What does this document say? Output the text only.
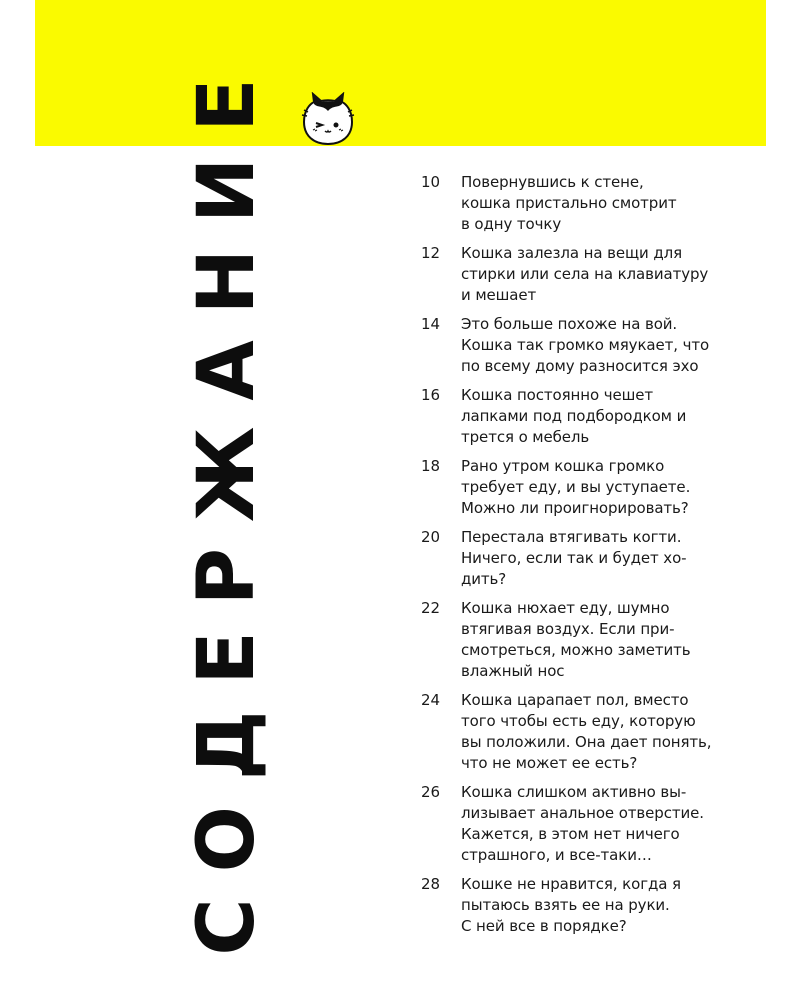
СОДЕРЖАНИЕ	10	Повернувшись к стене,
кошка пристально смотрит
в одну точку
12	Кошка залезла на вещи для
стирки или села на клавиатуру
и мешает
14	Это больше похоже на вой.
Кошка так громко мяукает, что
по всему дому разносится эхо
16	Кошка постоянно чешет
лапками под подбородком и
трется о мебель
18	Рано утром кошка громко
требует еду, и вы уступаете.
Можно ли проигнорировать?
20	Перестала втягивать когти.
Ничего, если так и будет хо-
дить?
22	Кошка нюхает еду, шумно
втягивая воздух. Если при-
смотреться, можно заметить
влажный нос
24	Кошка царапает пол, вместо
того чтобы есть еду, которую
вы положили. Она дает понять,
что не может ее есть?
26	Кошка слишком активно вы-
лизывает анальное отверстие.
Кажется, в этом нет ничего
страшного, и все-таки…
28	Кошке не нравится, когда я
пытаюсь взять ее на руки.
С ней все в порядке?
